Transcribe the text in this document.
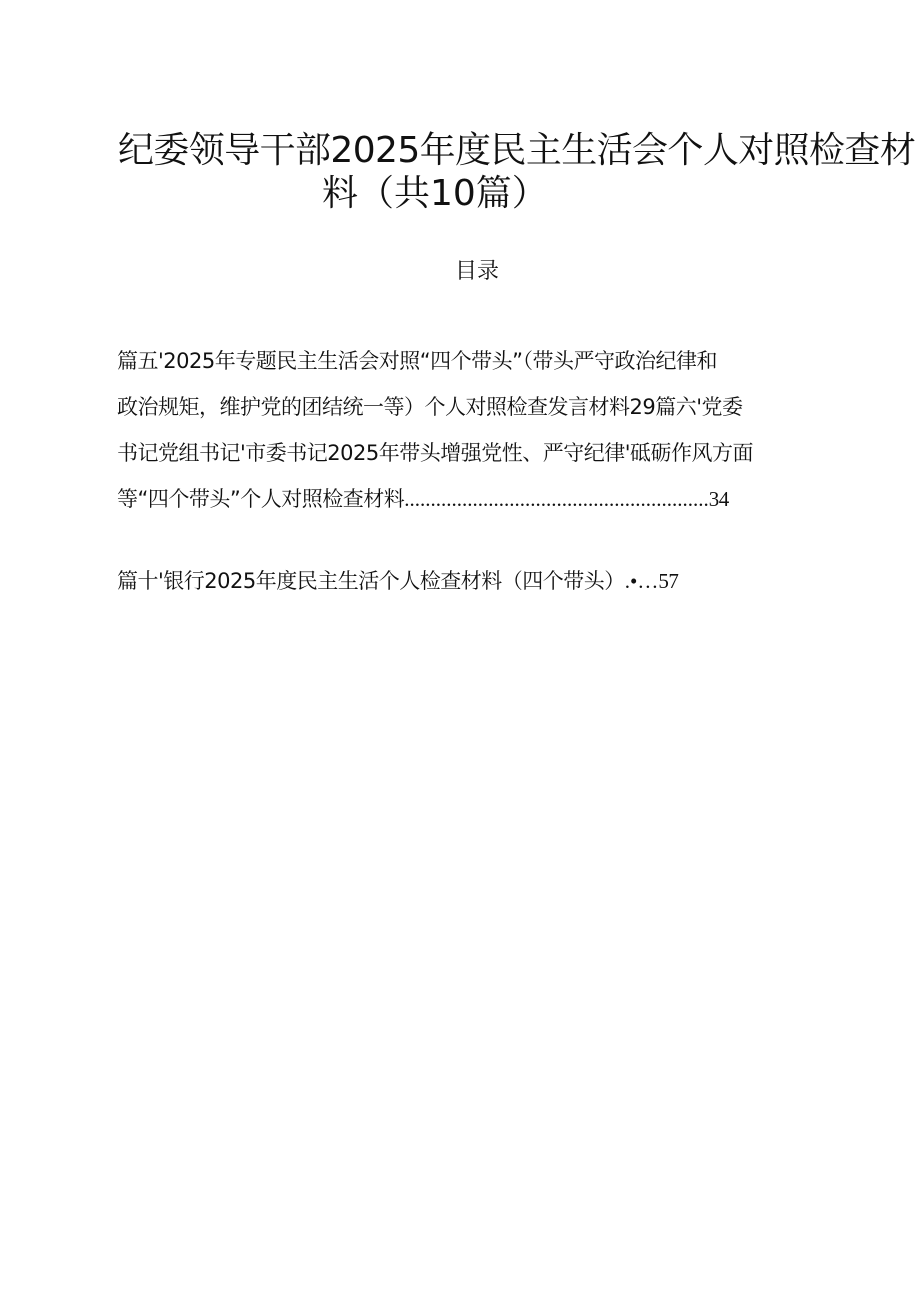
纪委领导干部2025年度民主生活会个人对照检查材
料（共10篇）
目录
篇五'2025年专题民主生活会对照“四个带头”（带头严守政治纪律和
政治规矩，维护党的团结统一等）个人对照检查发言材料29篇六'党委
书记党组书记'市委书记2025年带头增强党性、严守纪律'砥砺作风方面
等“四个带头”个人对照检查材料..........................................................34
篇十'银行2025年度民主生活个人检查材料（四个带头）.•…57
